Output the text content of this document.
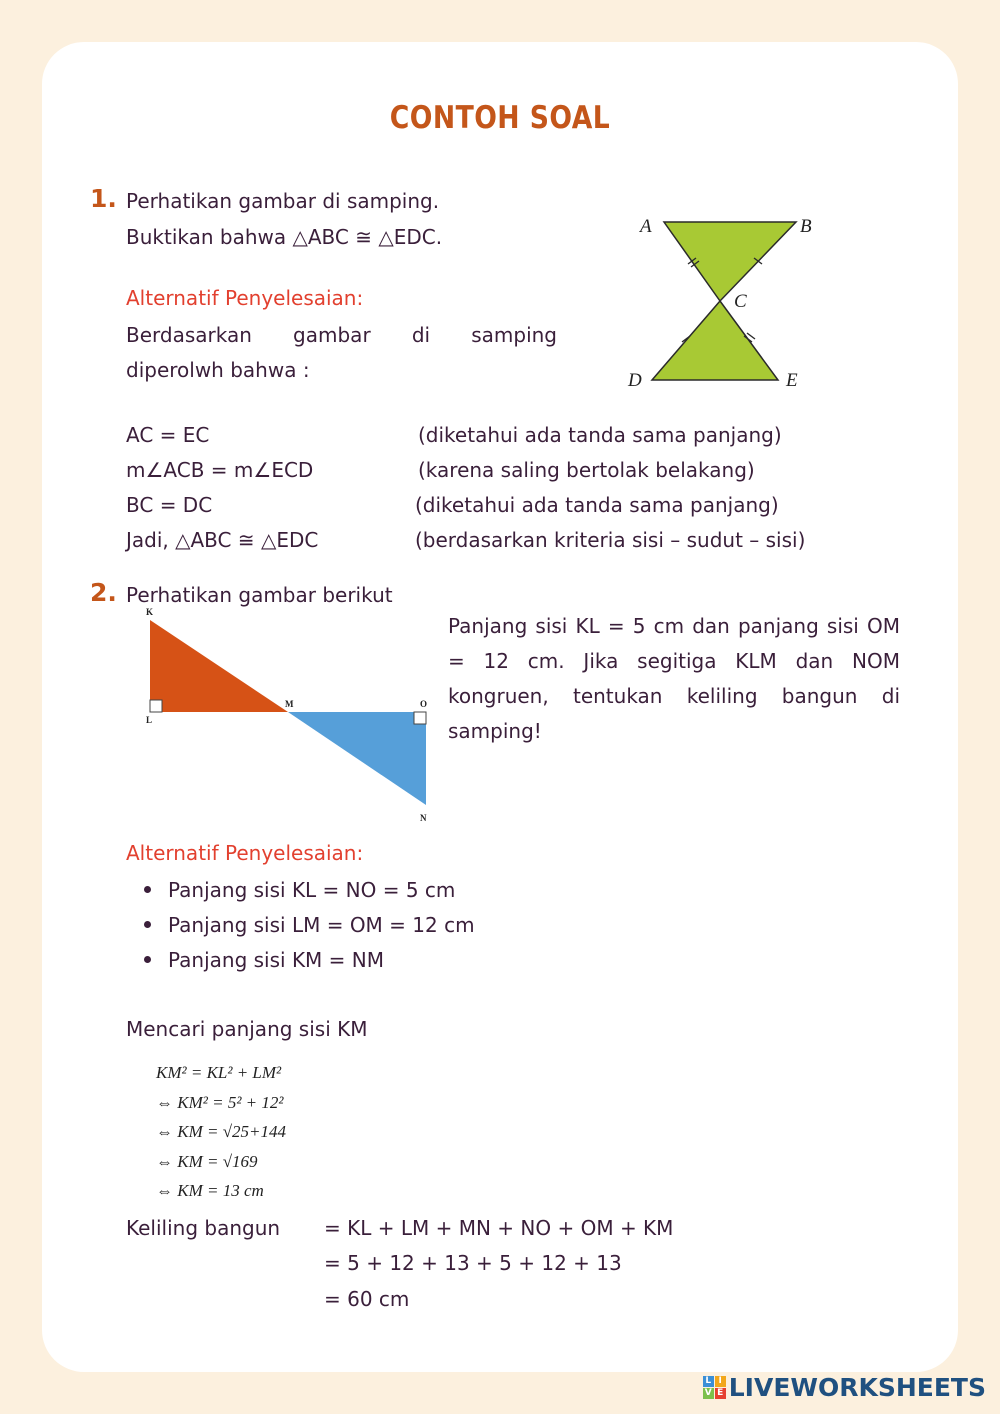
CONTOH SOAL
1. Perhatikan gambar di samping.
Buktikan bahwa △ABC ≅ △EDC.
Alternatif Penyelesaian:
Berdasarkan gambar di samping
diperolwh bahwa :
AC = EC	(diketahui ada tanda sama panjang)
m∠ACB = m∠ECD	(karena saling bertolak belakang)
BC = DC	(diketahui ada tanda sama panjang)
Jadi, △ABC ≅ △EDC	(berdasarkan kriteria sisi – sudut – sisi)
A	B
C
D	E
2. Perhatikan gambar berikut
Panjang sisi KL = 5 cm dan panjang sisi OM = 12 cm. Jika segitiga KLM dan NOM kongruen, tentukan keliling bangun di samping!
K
L
M	O
N
Alternatif Penyelesaian:
Panjang sisi KL = NO = 5 cm
Panjang sisi LM = OM = 12 cm
Panjang sisi KM = NM
Mencari panjang sisi KM
KM² = KL² + LM²
⇔ KM² = 5² + 12²
⇔ KM = √25+144
⇔ KM = √169
⇔ KM = 13 cm
Keliling bangun = KL + LM + MN + NO + OM + KM
= 5 + 12 + 13 + 5 + 12 + 13
= 60 cm
L I
V E LIVEWORKSHEETS
